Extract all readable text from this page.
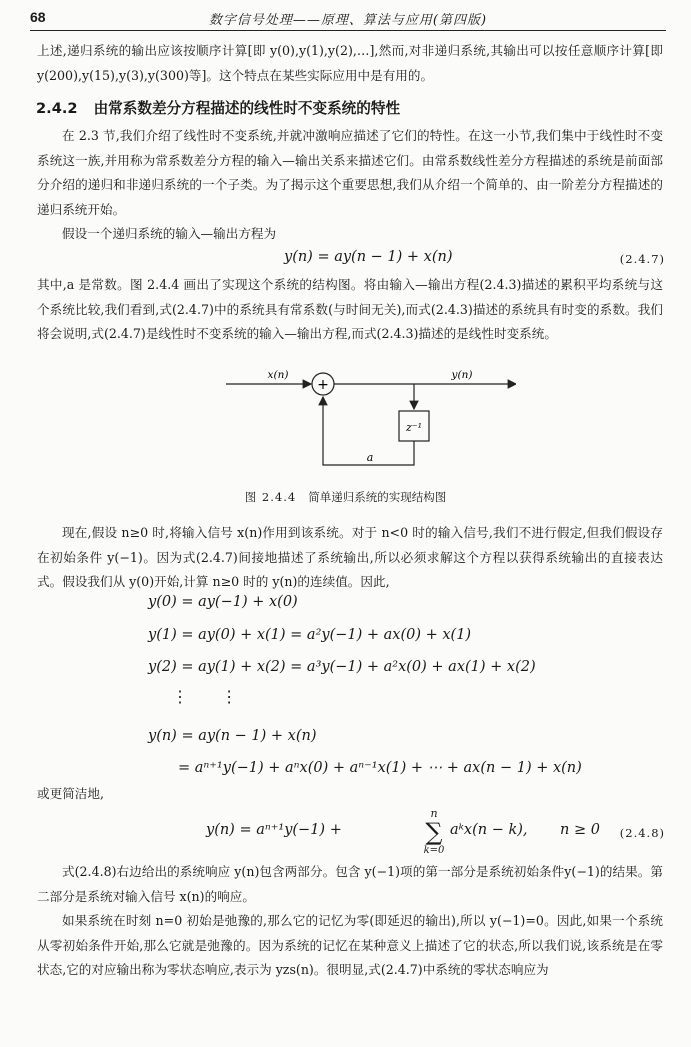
68	数字信号处理——原理、算法与应用(第四版)
上述,递归系统的输出应该按顺序计算[即 y(0),y(1),y(2),…],然而,对非递归系统,其输出可以按任意顺序计算[即 y(200),y(15),y(3),y(300)等]。这个特点在某些实际应用中是有用的。
2.4.2 由常系数差分方程描述的线性时不变系统的特性
在 2.3 节,我们介绍了线性时不变系统,并就冲激响应描述了它们的特性。在这一小节,我们集中于线性时不变系统这一族,并用称为常系数差分方程的输入—输出关系来描述它们。由常系数线性差分方程描述的系统是前面部分介绍的递归和非递归系统的一个子类。为了揭示这个重要思想,我们从介绍一个简单的、由一阶差分方程描述的递归系统开始。
假设一个递归系统的输入—输出方程为
y(n) = ay(n − 1) + x(n)	(2.4.7)
其中,a 是常数。图 2.4.4 画出了实现这个系统的结构图。将由输入—输出方程(2.4.3)描述的累积平均系统与这个系统比较,我们看到,式(2.4.7)中的系统具有常系数(与时间无关),而式(2.4.3)描述的系统具有时变的系数。我们将会说明,式(2.4.7)是线性时不变系统的输入—输出方程,而式(2.4.3)描述的是线性时变系统。
+
z⁻¹
x(n)	y(n)
a
图 2.4.4 简单递归系统的实现结构图
现在,假设 n≥0 时,将输入信号 x(n)作用到该系统。对于 n<0 时的输入信号,我们不进行假定,但我们假设存在初始条件 y(−1)。因为式(2.4.7)间接地描述了系统输出,所以必须求解这个方程以获得系统输出的直接表达式。假设我们从 y(0)开始,计算 n≥0 时的 y(n)的连续值。因此,
y(0) = ay(−1) + x(0)
y(1) = ay(0) + x(1) = a²y(−1) + ax(0) + x(1)
y(2) = ay(1) + x(2) = a³y(−1) + a²x(0) + ax(1) + x(2)
⋮ ⋮
y(n) = ay(n − 1) + x(n)
= aⁿ⁺¹y(−1) + aⁿx(0) + aⁿ⁻¹x(1) + ⋯ + ax(n − 1) + x(n)
或更简洁地,
y(n) = aⁿ⁺¹y(−1) +
n
∑
k=0
aᵏx(n − k), n ≥ 0 (2.4.8)
式(2.4.8)右边给出的系统响应 y(n)包含两部分。包含 y(−1)项的第一部分是系统初始条件y(−1)的结果。第二部分是系统对输入信号 x(n)的响应。
如果系统在时刻 n=0 初始是弛豫的,那么它的记忆为零(即延迟的输出),所以 y(−1)=0。因此,如果一个系统从零初始条件开始,那么它就是弛豫的。因为系统的记忆在某种意义上描述了它的状态,所以我们说,该系统是在零状态,它的对应输出称为零状态响应,表示为 yzs(n)。很明显,式(2.4.7)中系统的零状态响应为
